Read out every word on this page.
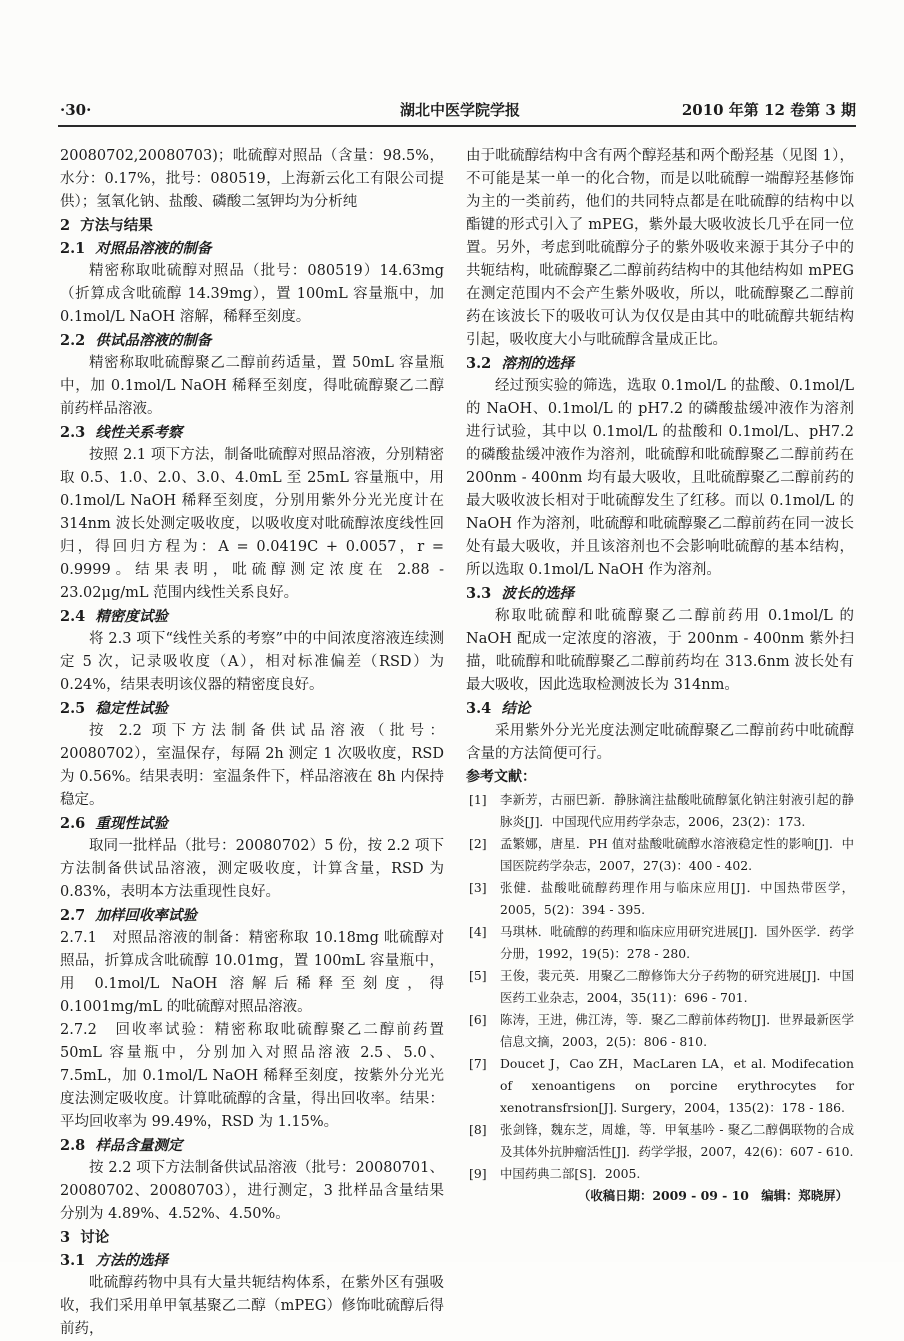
·30·	湖北中医学院学报	2010 年第 12 卷第 3 期

20080702,20080703)；吡硫醇对照品（含量：98.5%，水分：0.17%，批号：080519，上海新云化工有限公司提供）；氢氧化钠、盐酸、磷酸二氢钾均为分析纯

2 方法与结果
2.1 对照品溶液的制备

精密称取吡硫醇对照品（批号：080519）14.63mg（折算成含吡硫醇 14.39mg），置 100mL 容量瓶中，加 0.1mol/L NaOH 溶解，稀释至刻度。

2.2 供试品溶液的制备

精密称取吡硫醇聚乙二醇前药适量，置 50mL 容量瓶中，加 0.1mol/L NaOH 稀释至刻度，得吡硫醇聚乙二醇前药样品溶液。

2.3 线性关系考察

按照 2.1 项下方法，制备吡硫醇对照品溶液，分别精密取 0.5、1.0、2.0、3.0、4.0mL 至 25mL 容量瓶中，用 0.1mol/L NaOH 稀释至刻度，分别用紫外分光光度计在 314nm 波长处测定吸收度，以吸收度对吡硫醇浓度线性回归，得回归方程为：A = 0.0419C + 0.0057，r = 0.9999。结果表明，吡硫醇测定浓度在 2.88 - 23.02μg/mL 范围内线性关系良好。

2.4 精密度试验

将 2.3 项下“线性关系的考察”中的中间浓度溶液连续测定 5 次，记录吸收度（A），相对标准偏差（RSD）为 0.24%，结果表明该仪器的精密度良好。

2.5 稳定性试验

按 2.2 项下方法制备供试品溶液（批号：20080702），室温保存，每隔 2h 测定 1 次吸收度，RSD 为 0.56%。结果表明：室温条件下，样品溶液在 8h 内保持稳定。

2.6 重现性试验

取同一批样品（批号：20080702）5 份，按 2.2 项下方法制备供试品溶液，测定吸收度，计算含量，RSD 为 0.83%，表明本方法重现性良好。

2.7 加样回收率试验

2.7.1　对照品溶液的制备：精密称取 10.18mg 吡硫醇对照品，折算成含吡硫醇 10.01mg，置 100mL 容量瓶中，用 0.1mol/L NaOH 溶解后稀释至刻度，得 0.1001mg/mL 的吡硫醇对照品溶液。

2.7.2　回收率试验：精密称取吡硫醇聚乙二醇前药置 50mL 容量瓶中，分别加入对照品溶液 2.5、5.0、7.5mL，加 0.1mol/L NaOH 稀释至刻度，按紫外分光光度法测定吸收度。计算吡硫醇的含量，得出回收率。结果：平均回收率为 99.49%，RSD 为 1.15%。

2.8 样品含量测定

按 2.2 项下方法制备供试品溶液（批号：20080701、20080702、20080703），进行测定，3 批样品含量结果分别为 4.89%、4.52%、4.50%。

3 讨论
3.1 方法的选择

吡硫醇药物中具有大量共轭结构体系，在紫外区有强吸收，我们采用单甲氧基聚乙二醇（mPEG）修饰吡硫醇后得前药，

由于吡硫醇结构中含有两个醇羟基和两个酚羟基（见图 1），不可能是某一单一的化合物，而是以吡硫醇一端醇羟基修饰为主的一类前药，他们的共同特点都是在吡硫醇的结构中以酯键的形式引入了 mPEG，紫外最大吸收波长几乎在同一位置。另外，考虑到吡硫醇分子的紫外吸收来源于其分子中的共轭结构，吡硫醇聚乙二醇前药结构中的其他结构如 mPEG 在测定范围内不会产生紫外吸收，所以，吡硫醇聚乙二醇前药在该波长下的吸收可认为仅仅是由其中的吡硫醇共轭结构引起，吸收度大小与吡硫醇含量成正比。

3.2 溶剂的选择

经过预实验的筛选，选取 0.1mol/L 的盐酸、0.1mol/L 的 NaOH、0.1mol/L 的 pH7.2 的磷酸盐缓冲液作为溶剂进行试验，其中以 0.1mol/L 的盐酸和 0.1mol/L、pH7.2 的磷酸盐缓冲液作为溶剂，吡硫醇和吡硫醇聚乙二醇前药在 200nm - 400nm 均有最大吸收，且吡硫醇聚乙二醇前药的最大吸收波长相对于吡硫醇发生了红移。而以 0.1mol/L 的 NaOH 作为溶剂，吡硫醇和吡硫醇聚乙二醇前药在同一波长处有最大吸收，并且该溶剂也不会影响吡硫醇的基本结构，所以选取 0.1mol/L NaOH 作为溶剂。

3.3 波长的选择

称取吡硫醇和吡硫醇聚乙二醇前药用 0.1mol/L 的 NaOH 配成一定浓度的溶液，于 200nm - 400nm 紫外扫描，吡硫醇和吡硫醇聚乙二醇前药均在 313.6nm 波长处有最大吸收，因此选取检测波长为 314nm。

3.4 结论

采用紫外分光光度法测定吡硫醇聚乙二醇前药中吡硫醇含量的方法简便可行。

参考文献：
[1]	李新芳，古丽巴新．静脉滴注盐酸吡硫醇氯化钠注射液引起的静脉炎[J]．中国现代应用药学杂志，2006，23(2)：173.
[2]	孟繁娜，唐星．PH 值对盐酸吡硫醇水溶液稳定性的影响[J]．中国医院药学杂志，2007，27(3)：400 - 402.
[3]	张健．盐酸吡硫醇药理作用与临床应用[J]．中国热带医学，2005，5(2)：394 - 395.
[4]	马琪林．吡硫醇的药理和临床应用研究进展[J]．国外医学．药学分册，1992，19(5)：278 - 280.
[5]	王俊，裴元英．用聚乙二醇修饰大分子药物的研究进展[J]．中国医药工业杂志，2004，35(11)：696 - 701.
[6]	陈涛，王进，佛江涛，等．聚乙二醇前体药物[J]．世界最新医学信息文摘，2003，2(5)：806 - 810.
[7]	Doucet J，Cao ZH，MacLaren LA，et al. Modifecation of xenoantigens on porcine erythrocytes for xenotransfrsion[J]. Surgery，2004，135(2)：178 - 186.
[8]	张剑锋，魏东芝，周雄，等．甲氧基吟 - 聚乙二醇偶联物的合成及其体外抗肿瘤活性[J]．药学学报，2007，42(6)：607 - 610.
[9]	中国药典二部[S]．2005.
（收稿日期：2009 - 09 - 10　编辑：郑晓屏）
